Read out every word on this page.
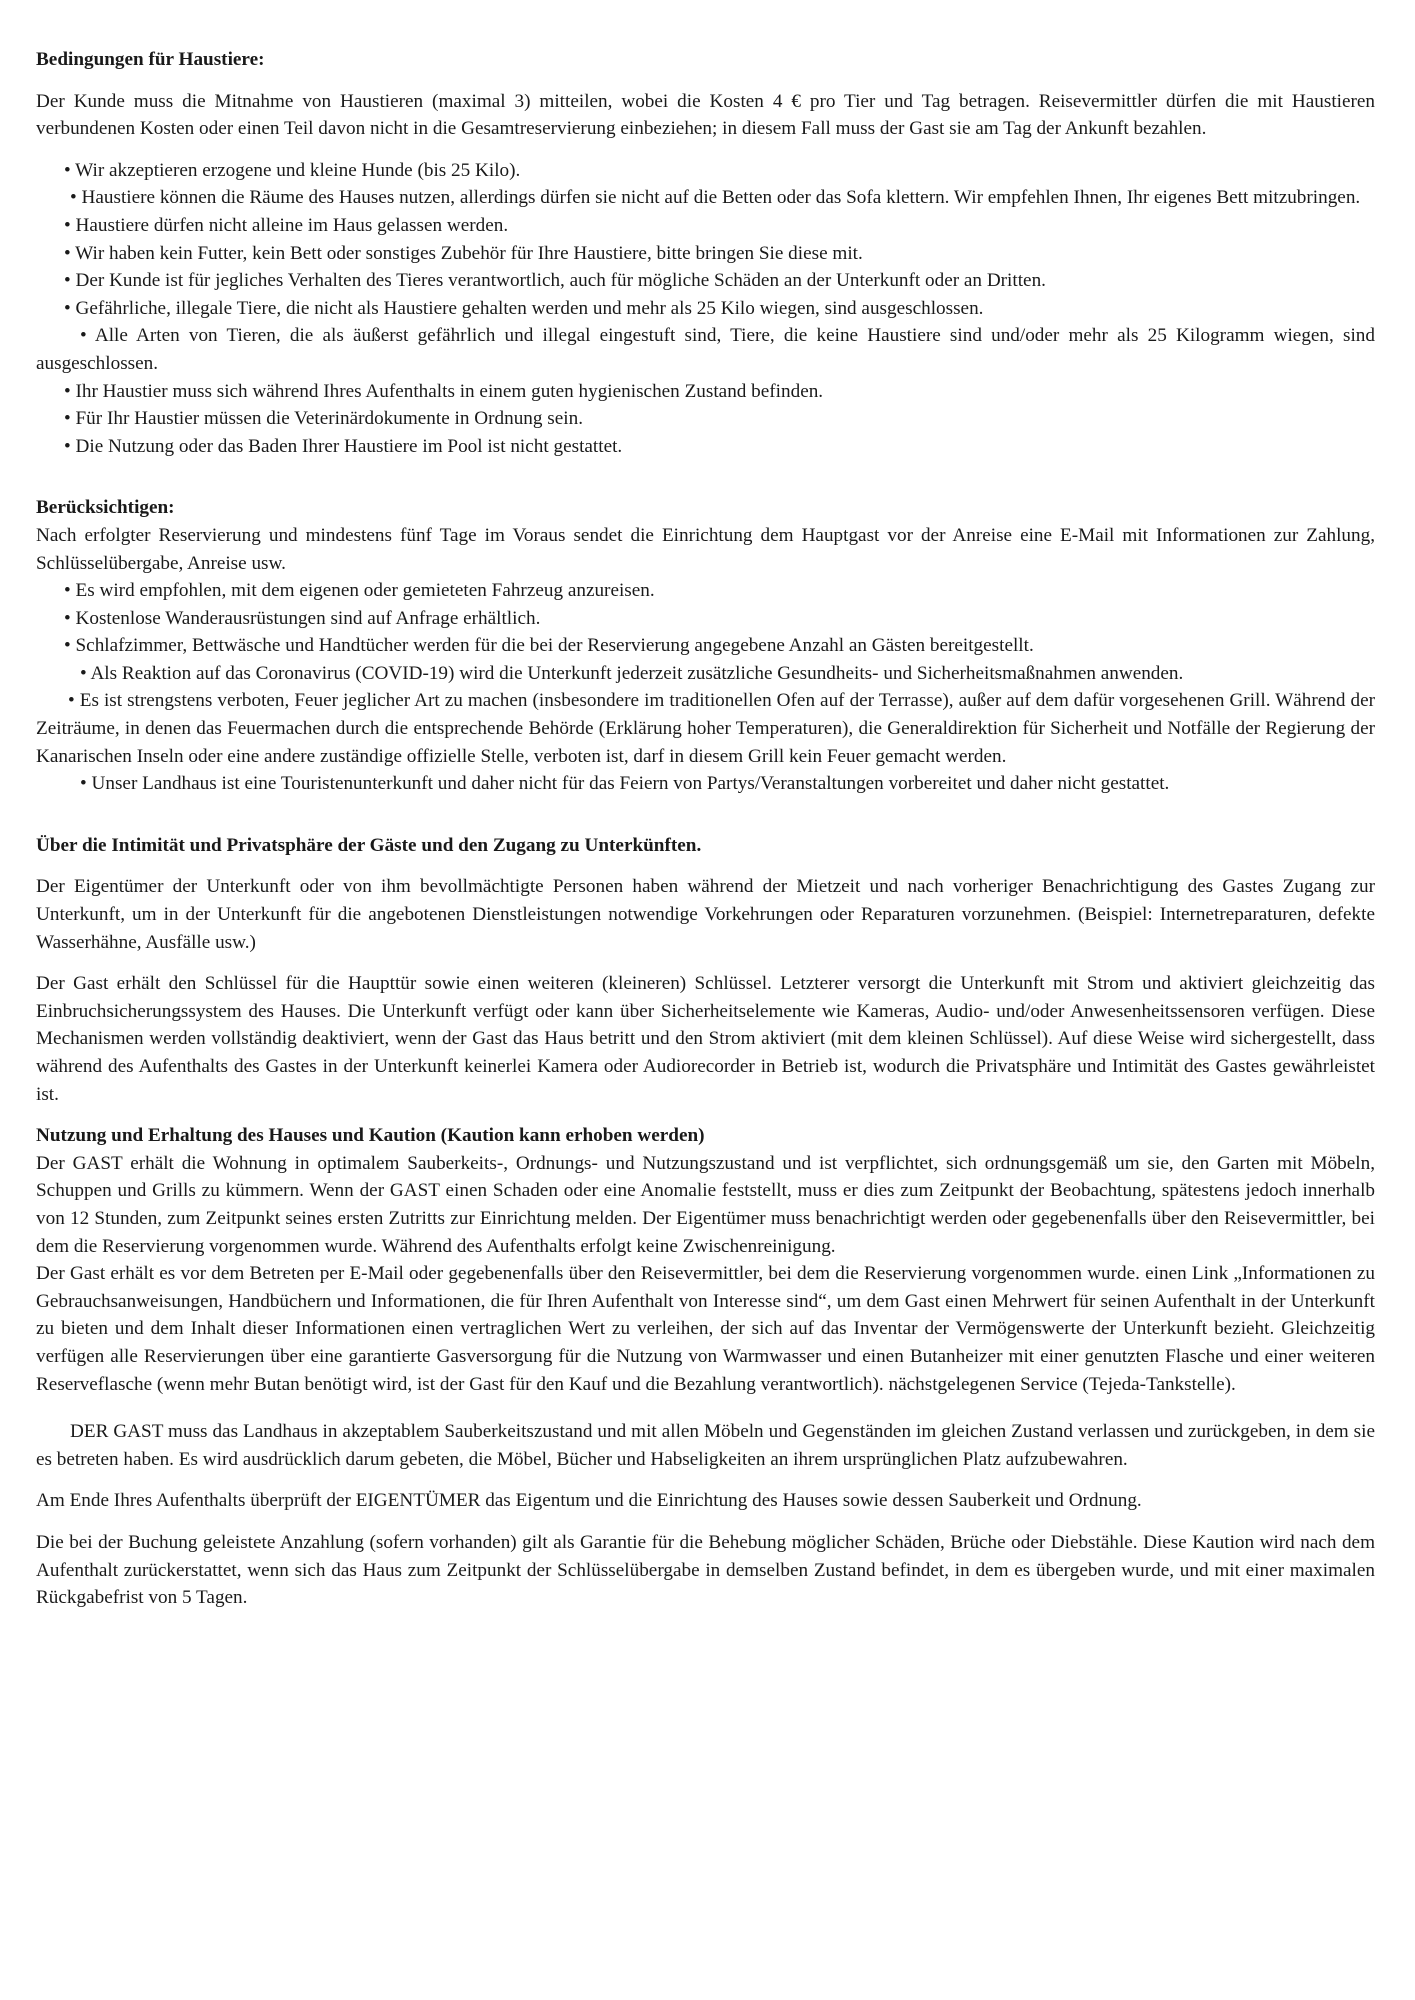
Bedingungen für Haustiere:

Der Kunde muss die Mitnahme von Haustieren (maximal 3) mitteilen, wobei die Kosten 4 € pro Tier und Tag betragen. Reisevermittler dürfen die mit Haustieren verbundenen Kosten oder einen Teil davon nicht in die Gesamtreservierung einbeziehen; in diesem Fall muss der Gast sie am Tag der Ankunft bezahlen.

• Wir akzeptieren erzogene und kleine Hunde (bis 25 Kilo).

• Haustiere können die Räume des Hauses nutzen, allerdings dürfen sie nicht auf die Betten oder das Sofa klettern. Wir empfehlen Ihnen, Ihr eigenes Bett mitzubringen.

• Haustiere dürfen nicht alleine im Haus gelassen werden.

• Wir haben kein Futter, kein Bett oder sonstiges Zubehör für Ihre Haustiere, bitte bringen Sie diese mit.

• Der Kunde ist für jegliches Verhalten des Tieres verantwortlich, auch für mögliche Schäden an der Unterkunft oder an Dritten.

• Gefährliche, illegale Tiere, die nicht als Haustiere gehalten werden und mehr als 25 Kilo wiegen, sind ausgeschlossen.

• Alle Arten von Tieren, die als äußerst gefährlich und illegal eingestuft sind, Tiere, die keine Haustiere sind und/oder mehr als 25 Kilogramm wiegen, sind ausgeschlossen.

• Ihr Haustier muss sich während Ihres Aufenthalts in einem guten hygienischen Zustand befinden.

• Für Ihr Haustier müssen die Veterinärdokumente in Ordnung sein.

• Die Nutzung oder das Baden Ihrer Haustiere im Pool ist nicht gestattet.

Berücksichtigen:

Nach erfolgter Reservierung und mindestens fünf Tage im Voraus sendet die Einrichtung dem Hauptgast vor der Anreise eine E-Mail mit Informationen zur Zahlung, Schlüsselübergabe, Anreise usw.

• Es wird empfohlen, mit dem eigenen oder gemieteten Fahrzeug anzureisen.

• Kostenlose Wanderausrüstungen sind auf Anfrage erhältlich.

• Schlafzimmer, Bettwäsche und Handtücher werden für die bei der Reservierung angegebene Anzahl an Gästen bereitgestellt.

• Als Reaktion auf das Coronavirus (COVID-19) wird die Unterkunft jederzeit zusätzliche Gesundheits- und Sicherheitsmaßnahmen anwenden.

• Es ist strengstens verboten, Feuer jeglicher Art zu machen (insbesondere im traditionellen Ofen auf der Terrasse), außer auf dem dafür vorgesehenen Grill. Während der Zeiträume, in denen das Feuermachen durch die entsprechende Behörde (Erklärung hoher Temperaturen), die Generaldirektion für Sicherheit und Notfälle der Regierung der Kanarischen Inseln oder eine andere zuständige offizielle Stelle, verboten ist, darf in diesem Grill kein Feuer gemacht werden.

• Unser Landhaus ist eine Touristenunterkunft und daher nicht für das Feiern von Partys/Veranstaltungen vorbereitet und daher nicht gestattet.

Über die Intimität und Privatsphäre der Gäste und den Zugang zu Unterkünften.

Der Eigentümer der Unterkunft oder von ihm bevollmächtigte Personen haben während der Mietzeit und nach vorheriger Benachrichtigung des Gastes Zugang zur Unterkunft, um in der Unterkunft für die angebotenen Dienstleistungen notwendige Vorkehrungen oder Reparaturen vorzunehmen. (Beispiel: Internetreparaturen, defekte Wasserhähne, Ausfälle usw.)

Der Gast erhält den Schlüssel für die Haupttür sowie einen weiteren (kleineren) Schlüssel. Letzterer versorgt die Unterkunft mit Strom und aktiviert gleichzeitig das Einbruchsicherungssystem des Hauses. Die Unterkunft verfügt oder kann über Sicherheitselemente wie Kameras, Audio- und/oder Anwesenheitssensoren verfügen. Diese Mechanismen werden vollständig deaktiviert, wenn der Gast das Haus betritt und den Strom aktiviert (mit dem kleinen Schlüssel). Auf diese Weise wird sichergestellt, dass während des Aufenthalts des Gastes in der Unterkunft keinerlei Kamera oder Audiorecorder in Betrieb ist, wodurch die Privatsphäre und Intimität des Gastes gewährleistet ist.

Nutzung und Erhaltung des Hauses und Kaution (Kaution kann erhoben werden)

Der GAST erhält die Wohnung in optimalem Sauberkeits-, Ordnungs- und Nutzungszustand und ist verpflichtet, sich ordnungsgemäß um sie, den Garten mit Möbeln, Schuppen und Grills zu kümmern. Wenn der GAST einen Schaden oder eine Anomalie feststellt, muss er dies zum Zeitpunkt der Beobachtung, spätestens jedoch innerhalb von 12 Stunden, zum Zeitpunkt seines ersten Zutritts zur Einrichtung melden. Der Eigentümer muss benachrichtigt werden oder gegebenenfalls über den Reisevermittler, bei dem die Reservierung vorgenommen wurde. Während des Aufenthalts erfolgt keine Zwischenreinigung.

Der Gast erhält es vor dem Betreten per E-Mail oder gegebenenfalls über den Reisevermittler, bei dem die Reservierung vorgenommen wurde. einen Link „Informationen zu Gebrauchsanweisungen, Handbüchern und Informationen, die für Ihren Aufenthalt von Interesse sind“, um dem Gast einen Mehrwert für seinen Aufenthalt in der Unterkunft zu bieten und dem Inhalt dieser Informationen einen vertraglichen Wert zu verleihen, der sich auf das Inventar der Vermögenswerte der Unterkunft bezieht. Gleichzeitig verfügen alle Reservierungen über eine garantierte Gasversorgung für die Nutzung von Warmwasser und einen Butanheizer mit einer genutzten Flasche und einer weiteren Reserveflasche (wenn mehr Butan benötigt wird, ist der Gast für den Kauf und die Bezahlung verantwortlich). nächstgelegenen Service (Tejeda-Tankstelle).

DER GAST muss das Landhaus in akzeptablem Sauberkeitszustand und mit allen Möbeln und Gegenständen im gleichen Zustand verlassen und zurückgeben, in dem sie es betreten haben. Es wird ausdrücklich darum gebeten, die Möbel, Bücher und Habseligkeiten an ihrem ursprünglichen Platz aufzubewahren.

Am Ende Ihres Aufenthalts überprüft der EIGENTÜMER das Eigentum und die Einrichtung des Hauses sowie dessen Sauberkeit und Ordnung.

Die bei der Buchung geleistete Anzahlung (sofern vorhanden) gilt als Garantie für die Behebung möglicher Schäden, Brüche oder Diebstähle. Diese Kaution wird nach dem Aufenthalt zurückerstattet, wenn sich das Haus zum Zeitpunkt der Schlüsselübergabe in demselben Zustand befindet, in dem es übergeben wurde, und mit einer maximalen Rückgabefrist von 5 Tagen.
